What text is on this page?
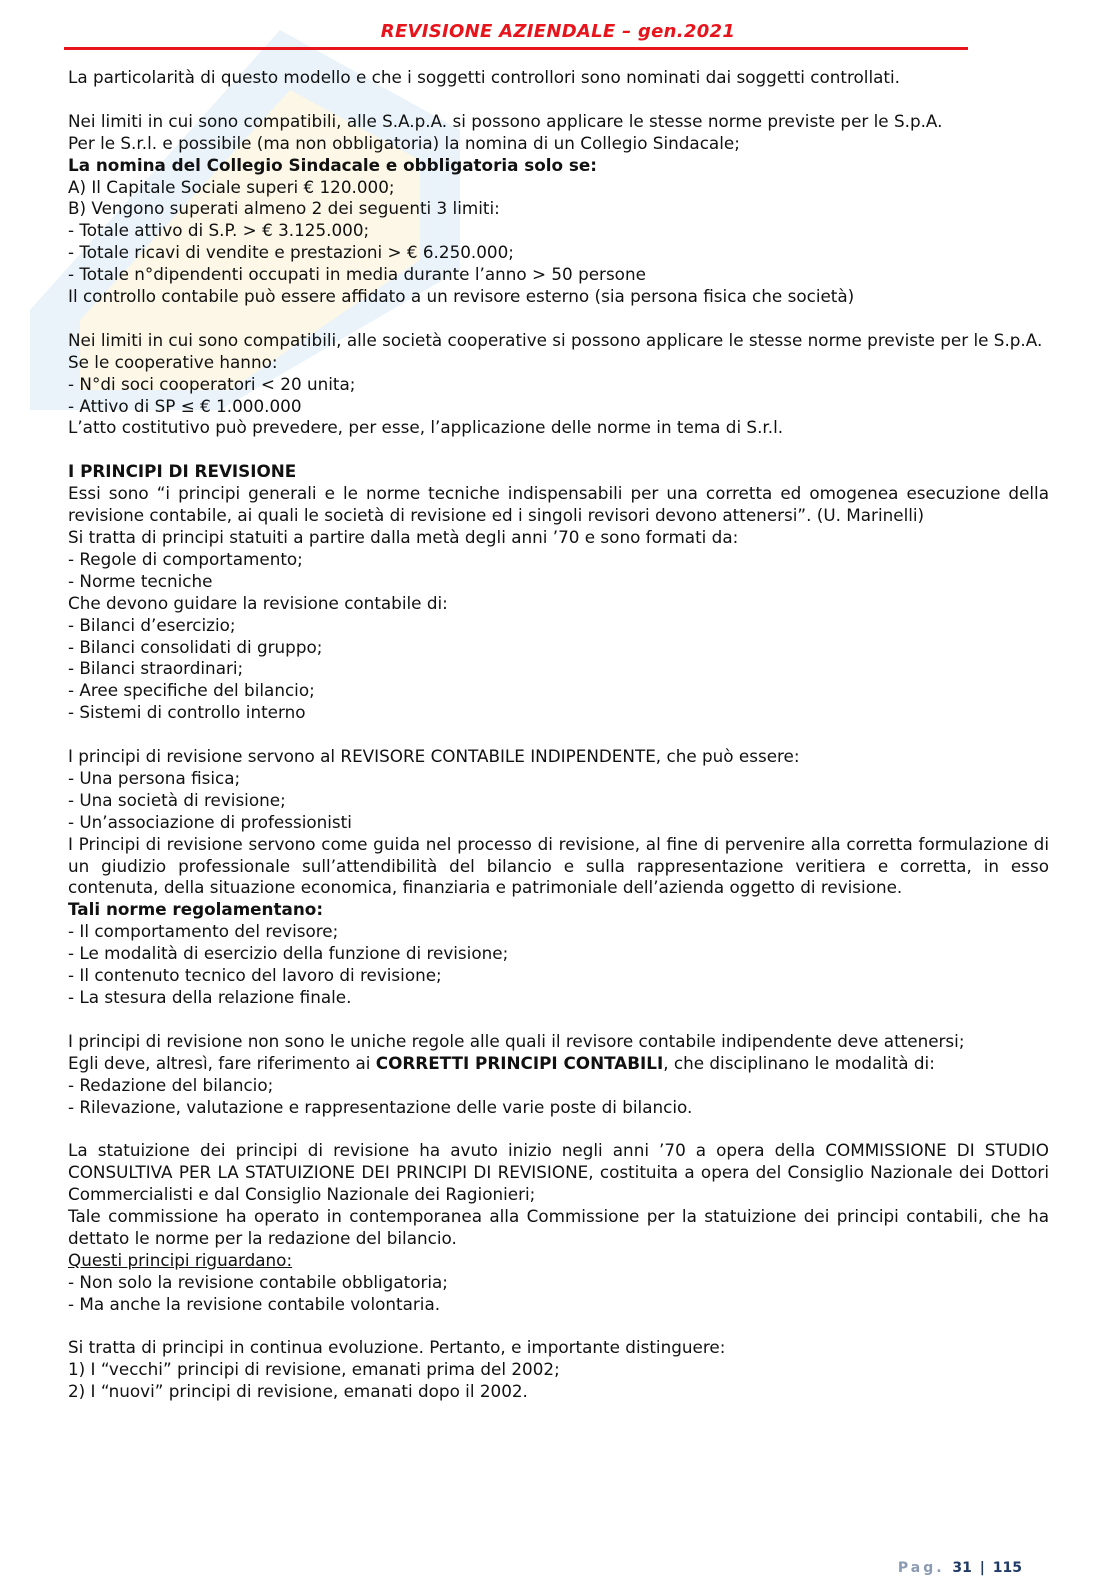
REVISIONE AZIENDALE – gen.2021

La particolarità di questo modello e che i soggetti controllori sono nominati dai soggetti controllati.

Nei limiti in cui sono compatibili, alle S.A.p.A. si possono applicare le stesse norme previste per le S.p.A.

Per le S.r.l. e possibile (ma non obbligatoria) la nomina di un Collegio Sindacale;

La nomina del Collegio Sindacale e obbligatoria solo se:

A) Il Capitale Sociale superi € 120.000;

B) Vengono superati almeno 2 dei seguenti 3 limiti:

- Totale attivo di S.P. > € 3.125.000;

- Totale ricavi di vendite e prestazioni > € 6.250.000;

- Totale n°dipendenti occupati in media durante l’anno > 50 persone

Il controllo contabile può essere affidato a un revisore esterno (sia persona fisica che società)

Nei limiti in cui sono compatibili, alle società cooperative si possono applicare le stesse norme previste per le S.p.A.

Se le cooperative hanno:

- N°di soci cooperatori < 20 unita;

- Attivo di SP ≤ € 1.000.000

L’atto costitutivo può prevedere, per esse, l’applicazione delle norme in tema di S.r.l.

I PRINCIPI DI REVISIONE

Essi sono “i principi generali e le norme tecniche indispensabili per una corretta ed omogenea esecuzione della revisione contabile, ai quali le società di revisione ed i singoli revisori devono attenersi”. (U. Marinelli)

Si tratta di principi statuiti a partire dalla metà degli anni ’70 e sono formati da:

- Regole di comportamento;

- Norme tecniche

Che devono guidare la revisione contabile di:

- Bilanci d’esercizio;

- Bilanci consolidati di gruppo;

- Bilanci straordinari;

- Aree specifiche del bilancio;

- Sistemi di controllo interno

I principi di revisione servono al REVISORE CONTABILE INDIPENDENTE, che può essere:

- Una persona fisica;

- Una società di revisione;

- Un’associazione di professionisti

I Principi di revisione servono come guida nel processo di revisione, al fine di pervenire alla corretta formulazione di un giudizio professionale sull’attendibilità del bilancio e sulla rappresentazione veritiera e corretta, in esso contenuta, della situazione economica, finanziaria e patrimoniale dell’azienda oggetto di revisione.

Tali norme regolamentano:

- Il comportamento del revisore;

- Le modalità di esercizio della funzione di revisione;

- Il contenuto tecnico del lavoro di revisione;

- La stesura della relazione finale.

I principi di revisione non sono le uniche regole alle quali il revisore contabile indipendente deve attenersi;

Egli deve, altresì, fare riferimento ai CORRETTI PRINCIPI CONTABILI, che disciplinano le modalità di:

- Redazione del bilancio;

- Rilevazione, valutazione e rappresentazione delle varie poste di bilancio.

La statuizione dei principi di revisione ha avuto inizio negli anni ’70 a opera della COMMISSIONE DI STUDIO CONSULTIVA PER LA STATUIZIONE DEI PRINCIPI DI REVISIONE, costituita a opera del Consiglio Nazionale dei Dottori Commercialisti e dal Consiglio Nazionale dei Ragionieri;

Tale commissione ha operato in contemporanea alla Commissione per la statuizione dei principi contabili, che ha dettato le norme per la redazione del bilancio.

Questi principi riguardano:

- Non solo la revisione contabile obbligatoria;

- Ma anche la revisione contabile volontaria.

Si tratta di principi in continua evoluzione. Pertanto, e importante distinguere:

1) I “vecchi” principi di revisione, emanati prima del 2002;

2) I “nuovi” principi di revisione, emanati dopo il 2002.

Pag. 31 | 115
